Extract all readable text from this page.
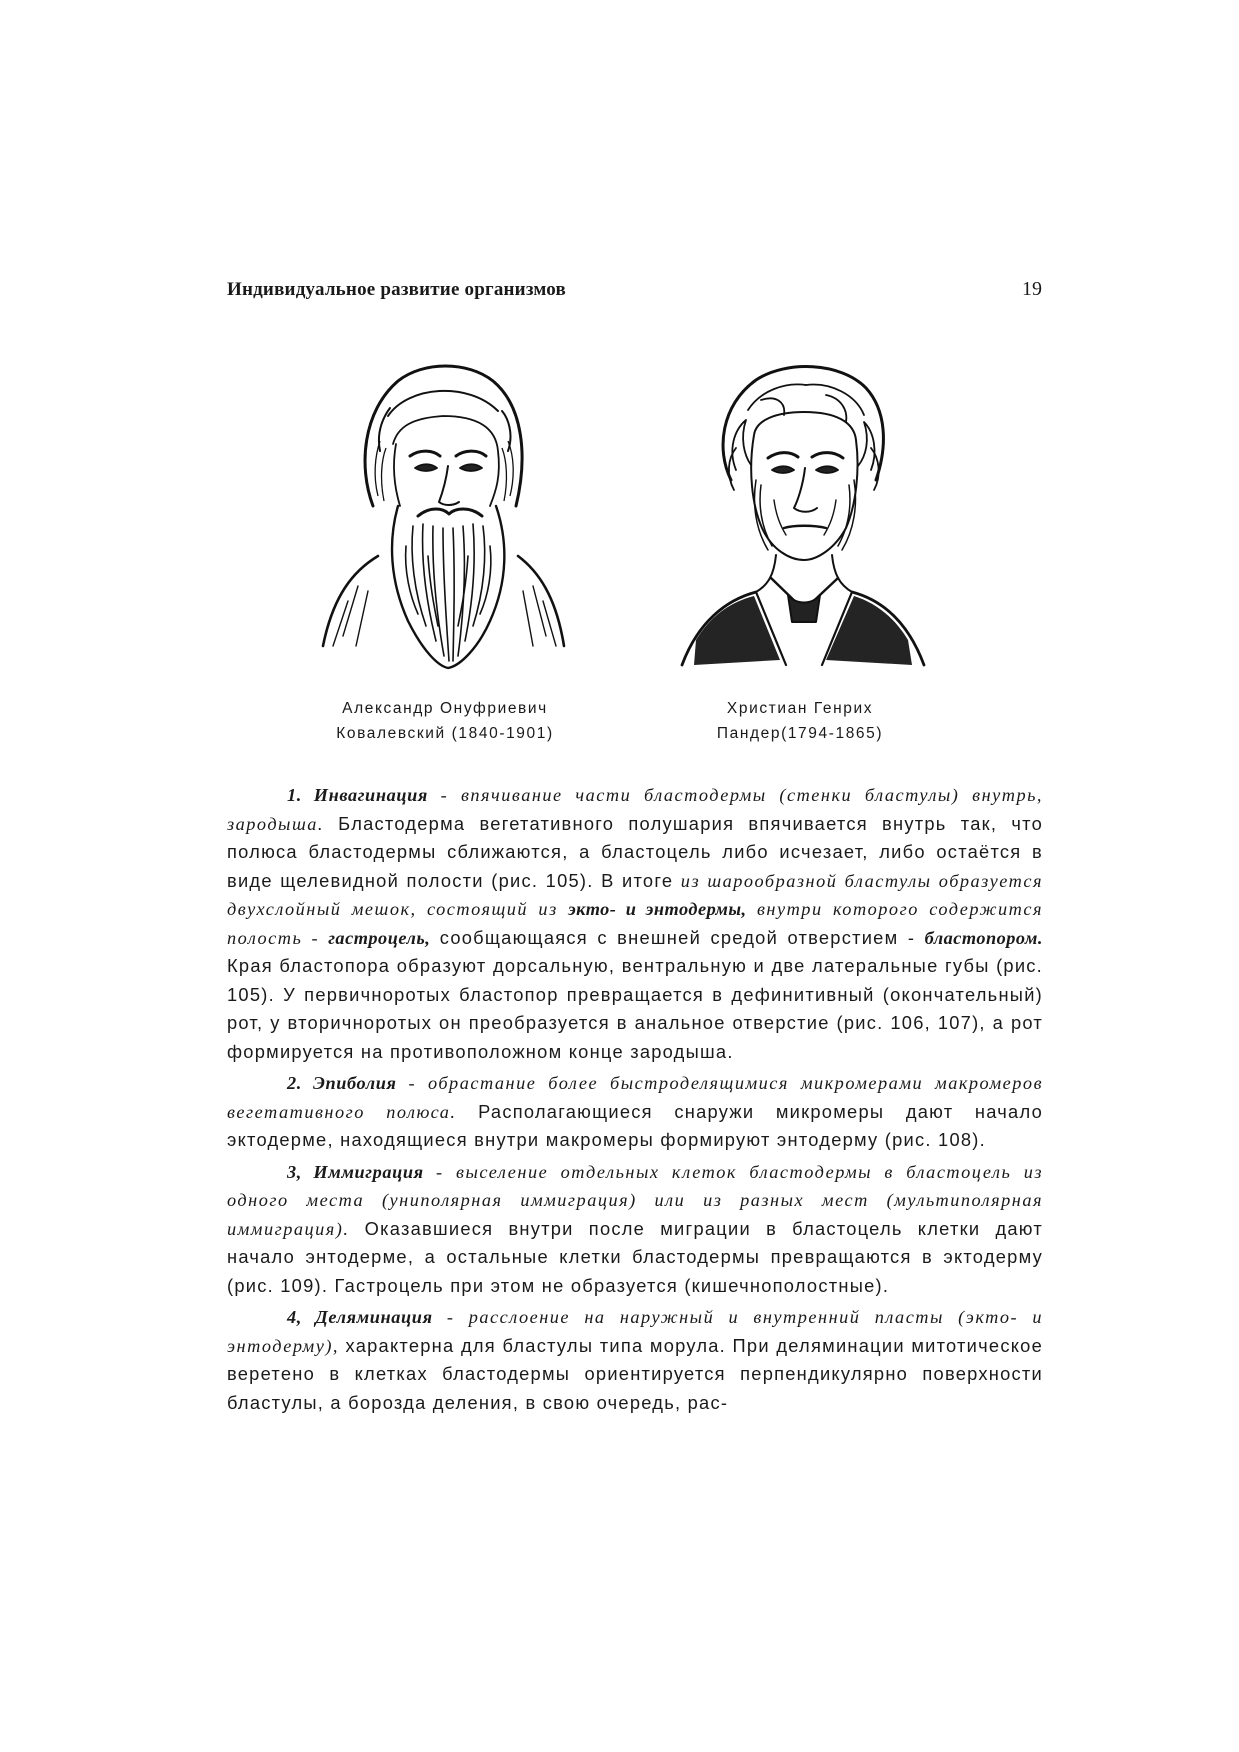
Индивидуальное развитие организмов	19
Александр Онуфриевич
Ковалевский (1840-1901)
Христиан Генрих
Пандер(1794-1865)

1. Инвагинация - впячивание части бластодермы (стенки бластулы) внутрь, зародыша. Бластодерма вегетативного полушария впячивается внутрь так, что полюса бластодермы сближаются, а бластоцель либо исчезает, либо остаётся в виде щелевидной полости (рис. 105). В итоге из шарообразной бластулы образуется двухслойный мешок, состоящий из экто- и энтодермы, внутри которого содержится полость - гастроцель, сообщающаяся с внешней средой отверстием - бластопором. Края бластопора образуют дорсальную, вентральную и две латеральные губы (рис. 105). У первичноротых бластопор превращается в дефинитивный (окончательный) рот, у вторичноротых он преобразуется в анальное отверстие (рис. 106, 107), а рот формируется на противоположном конце зародыша.

2. Эпиболия - обрастание более быстроделящимися микромерами макромеров вегетативного полюса. Располагающиеся снаружи микромеры дают начало эктодерме, находящиеся внутри макромеры формируют энтодерму (рис. 108).

3, Иммиграция - выселение отдельных клеток бластодермы в бластоцель из одного места (униполярная иммиграция) или из разных мест (мультиполярная иммиграция). Оказавшиеся внутри после миграции в бластоцель клетки дают начало энтодерме, а остальные клетки бластодермы превращаются в эктодерму (рис. 109). Гастроцель при этом не образуется (кишечнополостные).

4, Деляминация - расслоение на наружный и внутренний пласты (экто- и энтодерму), характерна для бластулы типа морула. При деляминации митотическое веретено в клетках бластодермы ориентируется перпендикулярно поверхности бластулы, а борозда деления, в свою очередь, рас-
